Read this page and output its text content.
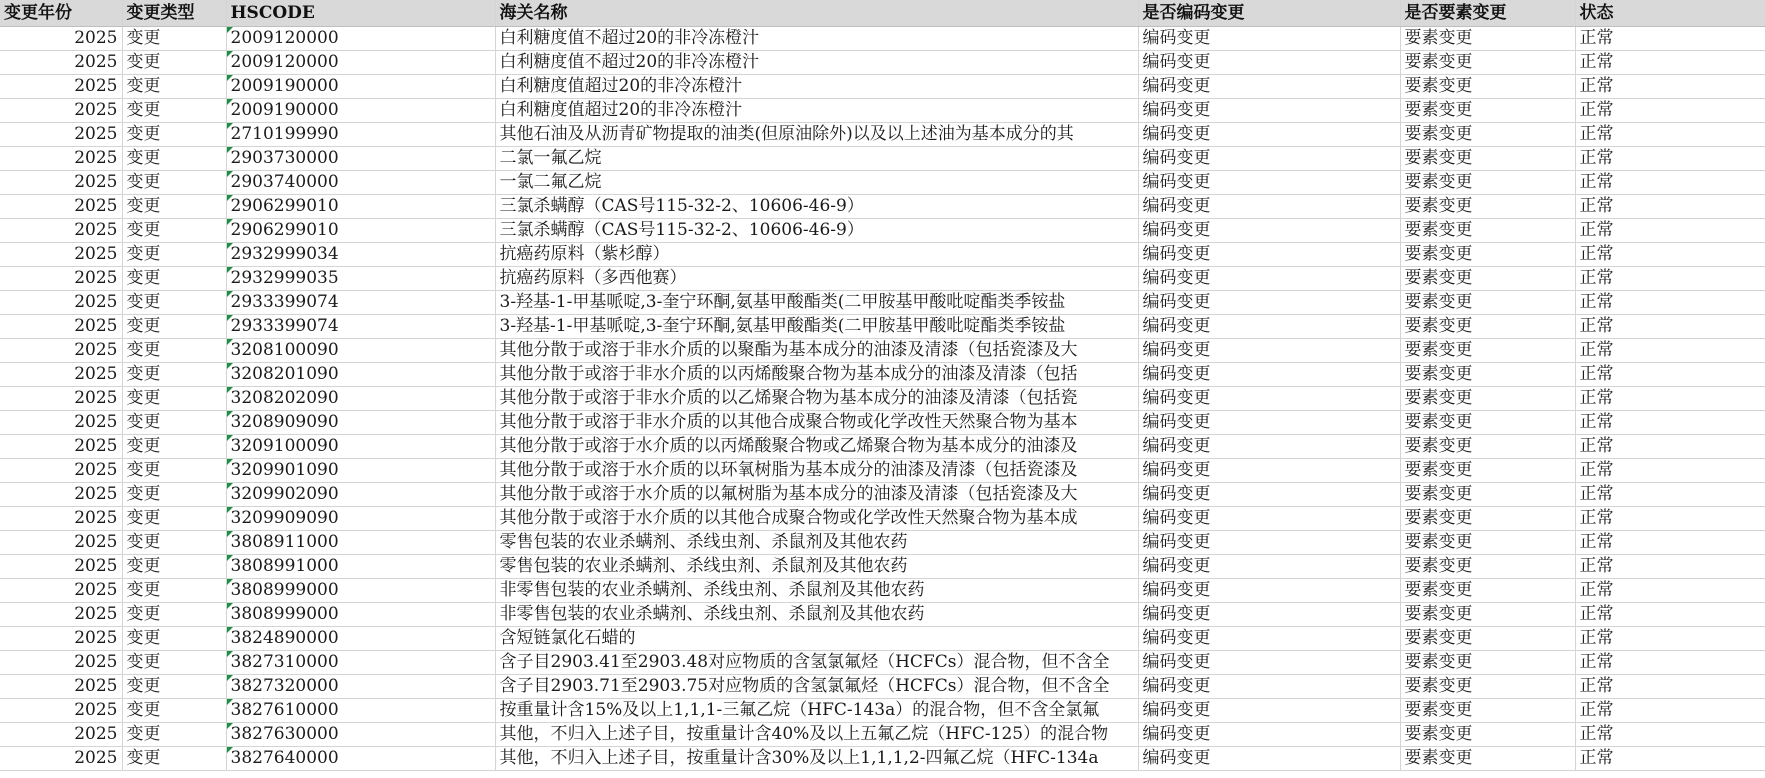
变更年份	变更类型	HSCODE	海关名称	是否编码变更	是否要素变更	状态
2025	变更	2009120000	白利糖度值不超过20的非冷冻橙汁	编码变更	要素变更	正常
2025	变更	2009120000	白利糖度值不超过20的非冷冻橙汁	编码变更	要素变更	正常
2025	变更	2009190000	白利糖度值超过20的非冷冻橙汁	编码变更	要素变更	正常
2025	变更	2009190000	白利糖度值超过20的非冷冻橙汁	编码变更	要素变更	正常
2025	变更	2710199990	其他石油及从沥青矿物提取的油类(但原油除外)以及以上述油为基本成分的其	编码变更	要素变更	正常
2025	变更	2903730000	二氯一氟乙烷	编码变更	要素变更	正常
2025	变更	2903740000	一氯二氟乙烷	编码变更	要素变更	正常
2025	变更	2906299010	三氯杀螨醇（CAS号115-32-2、10606-46-9）	编码变更	要素变更	正常
2025	变更	2906299010	三氯杀螨醇（CAS号115-32-2、10606-46-9）	编码变更	要素变更	正常
2025	变更	2932999034	抗癌药原料（紫杉醇）	编码变更	要素变更	正常
2025	变更	2932999035	抗癌药原料（多西他赛）	编码变更	要素变更	正常
2025	变更	2933399074	3-羟基-1-甲基哌啶,3-奎宁环酮,氨基甲酸酯类(二甲胺基甲酸吡啶酯类季铵盐	编码变更	要素变更	正常
2025	变更	2933399074	3-羟基-1-甲基哌啶,3-奎宁环酮,氨基甲酸酯类(二甲胺基甲酸吡啶酯类季铵盐	编码变更	要素变更	正常
2025	变更	3208100090	其他分散于或溶于非水介质的以聚酯为基本成分的油漆及清漆（包括瓷漆及大	编码变更	要素变更	正常
2025	变更	3208201090	其他分散于或溶于非水介质的以丙烯酸聚合物为基本成分的油漆及清漆（包括	编码变更	要素变更	正常
2025	变更	3208202090	其他分散于或溶于非水介质的以乙烯聚合物为基本成分的油漆及清漆（包括瓷	编码变更	要素变更	正常
2025	变更	3208909090	其他分散于或溶于非水介质的以其他合成聚合物或化学改性天然聚合物为基本	编码变更	要素变更	正常
2025	变更	3209100090	其他分散于或溶于水介质的以丙烯酸聚合物或乙烯聚合物为基本成分的油漆及	编码变更	要素变更	正常
2025	变更	3209901090	其他分散于或溶于水介质的以环氧树脂为基本成分的油漆及清漆（包括瓷漆及	编码变更	要素变更	正常
2025	变更	3209902090	其他分散于或溶于水介质的以氟树脂为基本成分的油漆及清漆（包括瓷漆及大	编码变更	要素变更	正常
2025	变更	3209909090	其他分散于或溶于水介质的以其他合成聚合物或化学改性天然聚合物为基本成	编码变更	要素变更	正常
2025	变更	3808911000	零售包装的农业杀螨剂、杀线虫剂、杀鼠剂及其他农药	编码变更	要素变更	正常
2025	变更	3808991000	零售包装的农业杀螨剂、杀线虫剂、杀鼠剂及其他农药	编码变更	要素变更	正常
2025	变更	3808999000	非零售包装的农业杀螨剂、杀线虫剂、杀鼠剂及其他农药	编码变更	要素变更	正常
2025	变更	3808999000	非零售包装的农业杀螨剂、杀线虫剂、杀鼠剂及其他农药	编码变更	要素变更	正常
2025	变更	3824890000	含短链氯化石蜡的	编码变更	要素变更	正常
2025	变更	3827310000	含子目2903.41至2903.48对应物质的含氢氯氟烃（HCFCs）混合物，但不含全	编码变更	要素变更	正常
2025	变更	3827320000	含子目2903.71至2903.75对应物质的含氢氯氟烃（HCFCs）混合物，但不含全	编码变更	要素变更	正常
2025	变更	3827610000	按重量计含15%及以上1,1,1-三氟乙烷（HFC-143a）的混合物，但不含全氯氟	编码变更	要素变更	正常
2025	变更	3827630000	其他，不归入上述子目，按重量计含40%及以上五氟乙烷（HFC-125）的混合物	编码变更	要素变更	正常
2025	变更	3827640000	其他，不归入上述子目，按重量计含30%及以上1,1,1,2-四氟乙烷（HFC-134a	编码变更	要素变更	正常
